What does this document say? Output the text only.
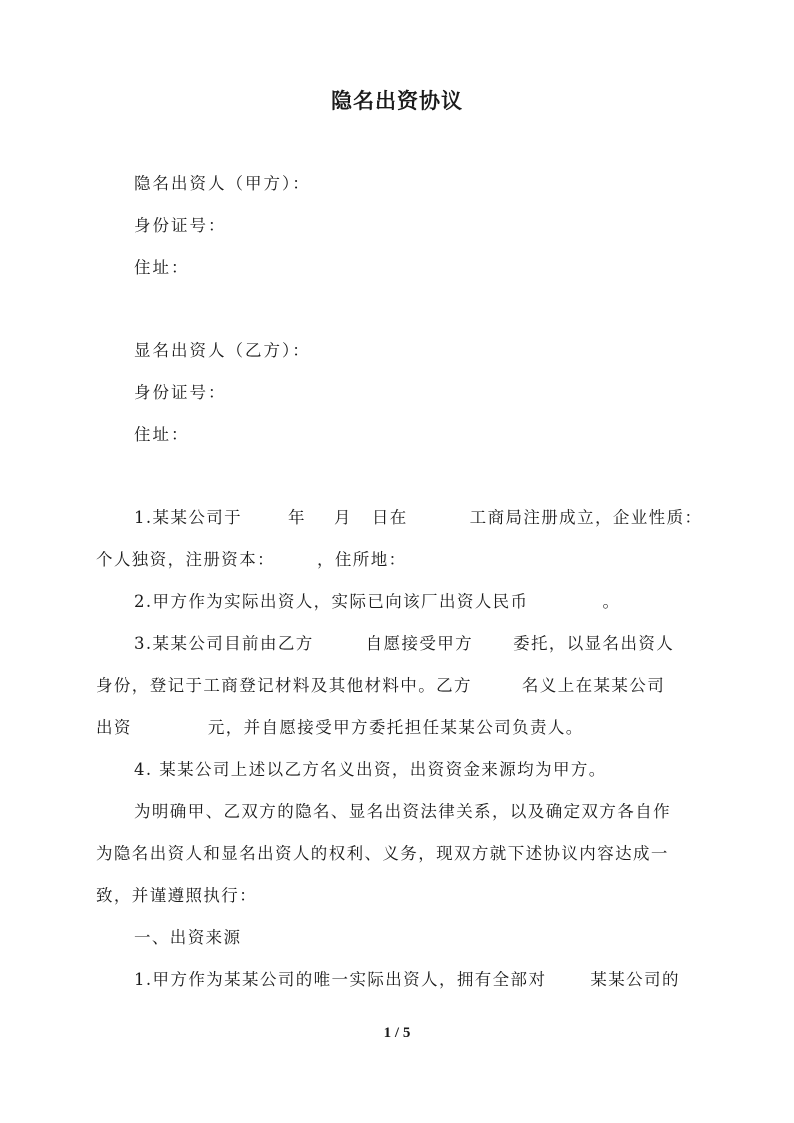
隐名出资协议
隐名出资人（甲方）：
身份证号：
住址：
显名出资人（乙方）：
身份证号：
住址：
1.某某公司于	年 月 日在	工商局注册成立，企业性质：
个人独资，注册资本：	，住所地：
2.甲方作为实际出资人，实际已向该厂出资人民币	。
3.某某公司目前由乙方	自愿接受甲方 委托，以显名出资人
身份，登记于工商登记材料及其他材料中。乙方	名义上在某某公司
出资	元，并自愿接受甲方委托担任某某公司负责人。
4. 某某公司上述以乙方名义出资，出资资金来源均为甲方。
为明确甲、乙双方的隐名、显名出资法律关系，以及确定双方各自作
为隐名出资人和显名出资人的权利、义务，现双方就下述协议内容达成一
致，并谨遵照执行：
一、出资来源
1.甲方作为某某公司的唯一实际出资人，拥有全部对	某某公司的
1 / 5
